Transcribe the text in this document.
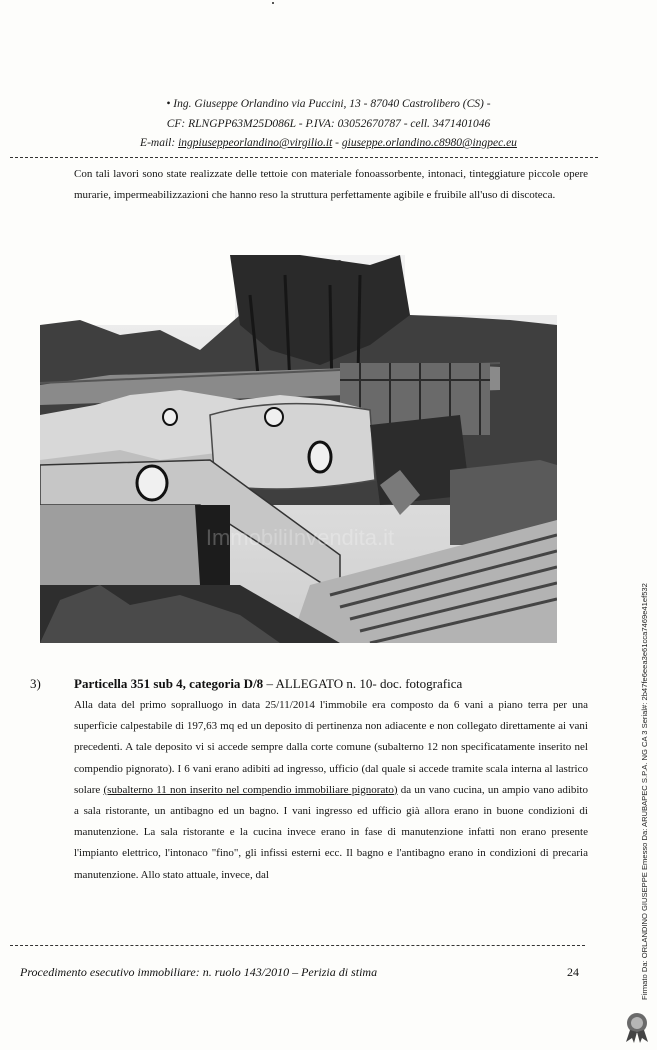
• Ing. Giuseppe Orlandino via Puccini, 13 - 87040 Castrolibero (CS) -
CF: RLNGPP63M25D086L - P.IVA: 03052670787 - cell. 3471401046
E-mail: ingpiuseppeorlandino@virgilio.it - giuseppe.orlandino.c8980@ingpec.eu
Con tali lavori sono state realizzate delle tettoie con materiale fonoassorbente, intonaci, tinteggiature piccole opere murarie, impermeabilizzazioni che hanno reso la struttura perfettamente agibile e fruibile all'uso di discoteca.
ImmobiliInvendita.it
3)	Particella 351 sub 4, categoria D/8 – ALLEGATO n. 10- doc. fotografica
Alla data del primo sopralluogo in data 25/11/2014 l'immobile era composto da 6 vani a piano terra per una superficie calpestabile di 197,63 mq ed un deposito di pertinenza non adiacente e non collegato direttamente ai vani precedenti. A tale deposito vi si accede sempre dalla corte comune (subalterno 12 non specificatamente inserito nel compendio pignorato). I 6 vani erano adibiti ad ingresso, ufficio (dal quale si accede tramite scala interna al lastrico solare (subalterno 11 non inserito nel compendio immobiliare pignorato) da un vano cucina, un ampio vano adibito a sala ristorante, un antibagno ed un bagno. I vani ingresso ed ufficio già allora erano in buone condizioni di manutenzione. La sala ristorante e la cucina invece erano in fase di manutenzione infatti non erano presente l'impianto elettrico, l'intonaco "fino", gli infissi esterni ecc. Il bagno e l'antibagno erano in condizioni di precaria manutenzione. Allo stato attuale, invece, dal
Procedimento esecutivo immobiliare: n. ruolo 143/2010 – Perizia di stima	24	Firmato Da: ORLANDINO GIUSEPPE Emesso Da: ARUBAPEC S.P.A. NG CA 3 Serial#: 2b47fe6eea3e61cca7469e41ef532
